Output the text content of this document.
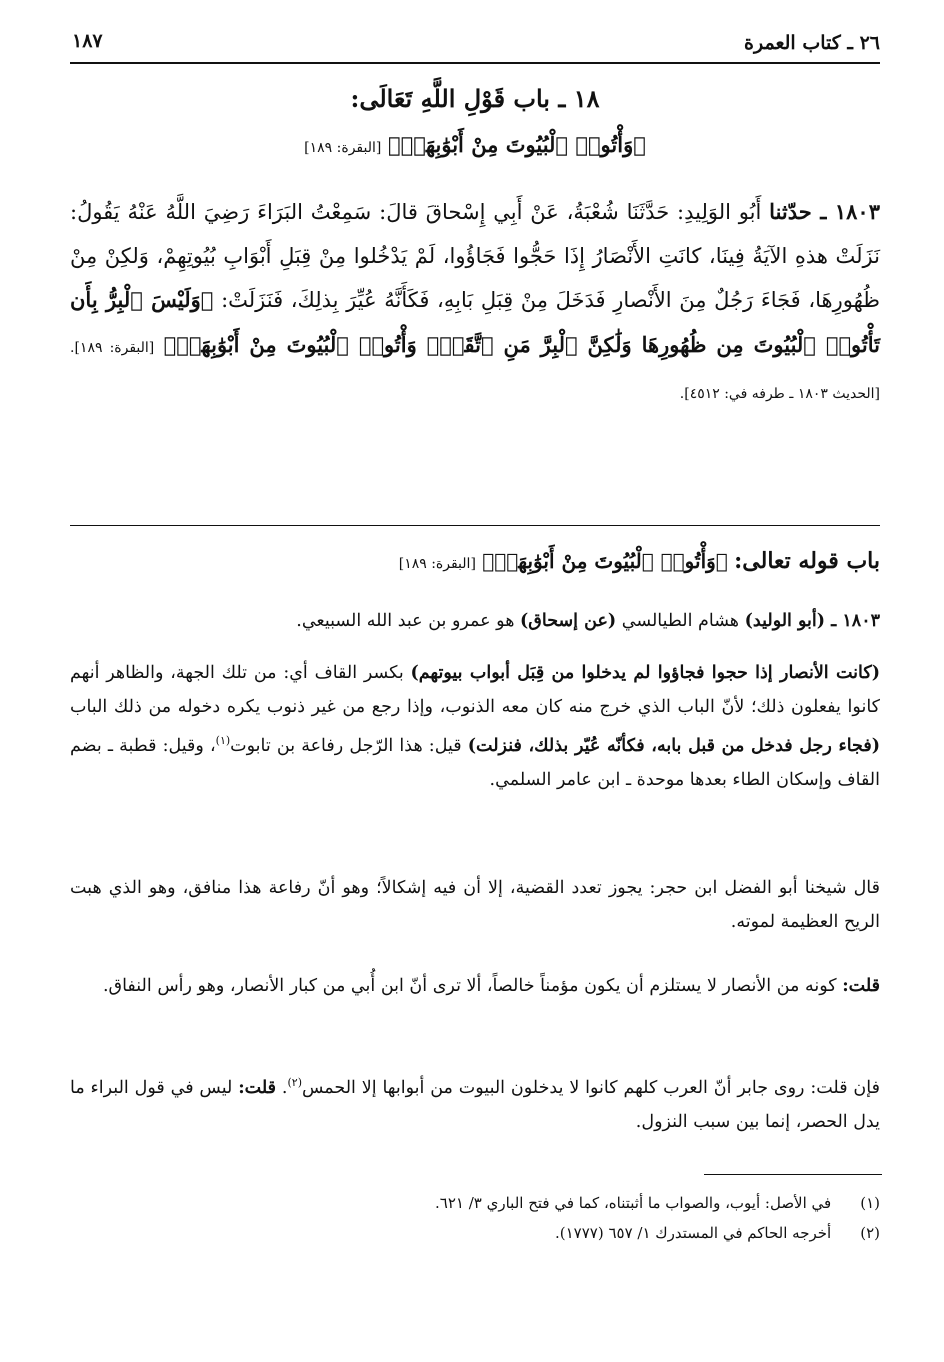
٢٦ ـ كتاب العمرة
١٨٧
١٨ ـ باب قَوْلِ اللَّهِ تَعَالَى:
﴿وَأْتُوا۟ ٱلْبُيُوتَ مِنْ أَبْوَٰبِهَاۚ﴾ [البقرة: ١٨٩]

١٨٠٣ ـ حدّثنا أَبُو الوَلِيدِ: حَدَّثَنَا شُعْبَةُ، عَنْ أَبِي إِسْحاقَ قالَ: سَمِعْتُ البَرَاءَ رَضِيَ اللَّهُ عَنْهُ يَقُولُ: نَزَلَتْ هذهِ الآيَةُ فِينَا، كانَتِ الأَنْصَارُ إِذَا حَجُّوا فَجَاؤُوا، لَمْ يَدْخُلوا مِنْ قِبَلِ أَبْوَابِ بُيُوتِهِمْ، وَلكِنْ مِنْ ظُهُورِهَا، فَجَاءَ رَجُلٌ مِنَ الأَنْصارِ فَدَخَلَ مِنْ قِبَلِ بَابِهِ، فَكَأَنَّهُ عُيِّرَ بِذلِكَ، فَنَزَلَتْ: ﴿وَلَيْسَ ٱلْبِرُّ بِأَن تَأْتُوا۟ ٱلْبُيُوتَ مِن ظُهُورِهَا وَلَٰكِنَّ ٱلْبِرَّ مَنِ ٱتَّقَىٰۗ وَأْتُوا۟ ٱلْبُيُوتَ مِنْ أَبْوَٰبِهَاۚ﴾ [البقرة: ١٨٩]. [الحديث ١٨٠٣ ـ طرفه في: ٤٥١٢].

باب قوله تعالى: ﴿وَأْتُوا۟ ٱلْبُيُوتَ مِنْ أَبْوَٰبِهَاۚ﴾ [البقرة: ١٨٩]

١٨٠٣ ـ (أبو الوليد) هشام الطيالسي (عن إسحاق) هو عمرو بن عبد الله السبيعي.

(كانت الأنصار إذا حجوا فجاؤوا لم يدخلوا من قِبَل أبواب بيوتهم) بكسر القاف أي: من تلك الجهة، والظاهر أنهم كانوا يفعلون ذلك؛ لأنّ الباب الذي خرج منه كان معه الذنوب، وإذا رجع من غير ذنوب يكره دخوله من ذلك الباب (فجاء رجل فدخل من قبل بابه، فكأنّه عُيّر بذلك، فنزلت) قيل: هذا الرّجل رفاعة بن تابوت$^{(١)}$، وقيل: قطبة ـ بضم القاف وإسكان الطاء بعدها موحدة ـ ابن عامر السلمي.

قال شيخنا أبو الفضل ابن حجر: يجوز تعدد القضية، إلا أن فيه إشكالاً؛ وهو أنّ رفاعة هذا منافق، وهو الذي هبت الريح العظيمة لموته.

قلت: كونه من الأنصار لا يستلزم أن يكون مؤمناً خالصاً، ألا ترى أنّ ابن أُبي من كبار الأنصار، وهو رأس النفاق.

فإن قلت: روى جابر أنّ العرب كلهم كانوا لا يدخلون البيوت من أبوابها إلا الحمس$^{(٢)}$. قلت: ليس في قول البراء ما يدل الحصر، إنما بين سبب النزول.

(١) في الأصل: أيوب، والصواب ما أثبتناه، كما في فتح الباري ٣/ ٦٢١.
(٢) أخرجه الحاكم في المستدرك ١/ ٦٥٧ (١٧٧٧).
